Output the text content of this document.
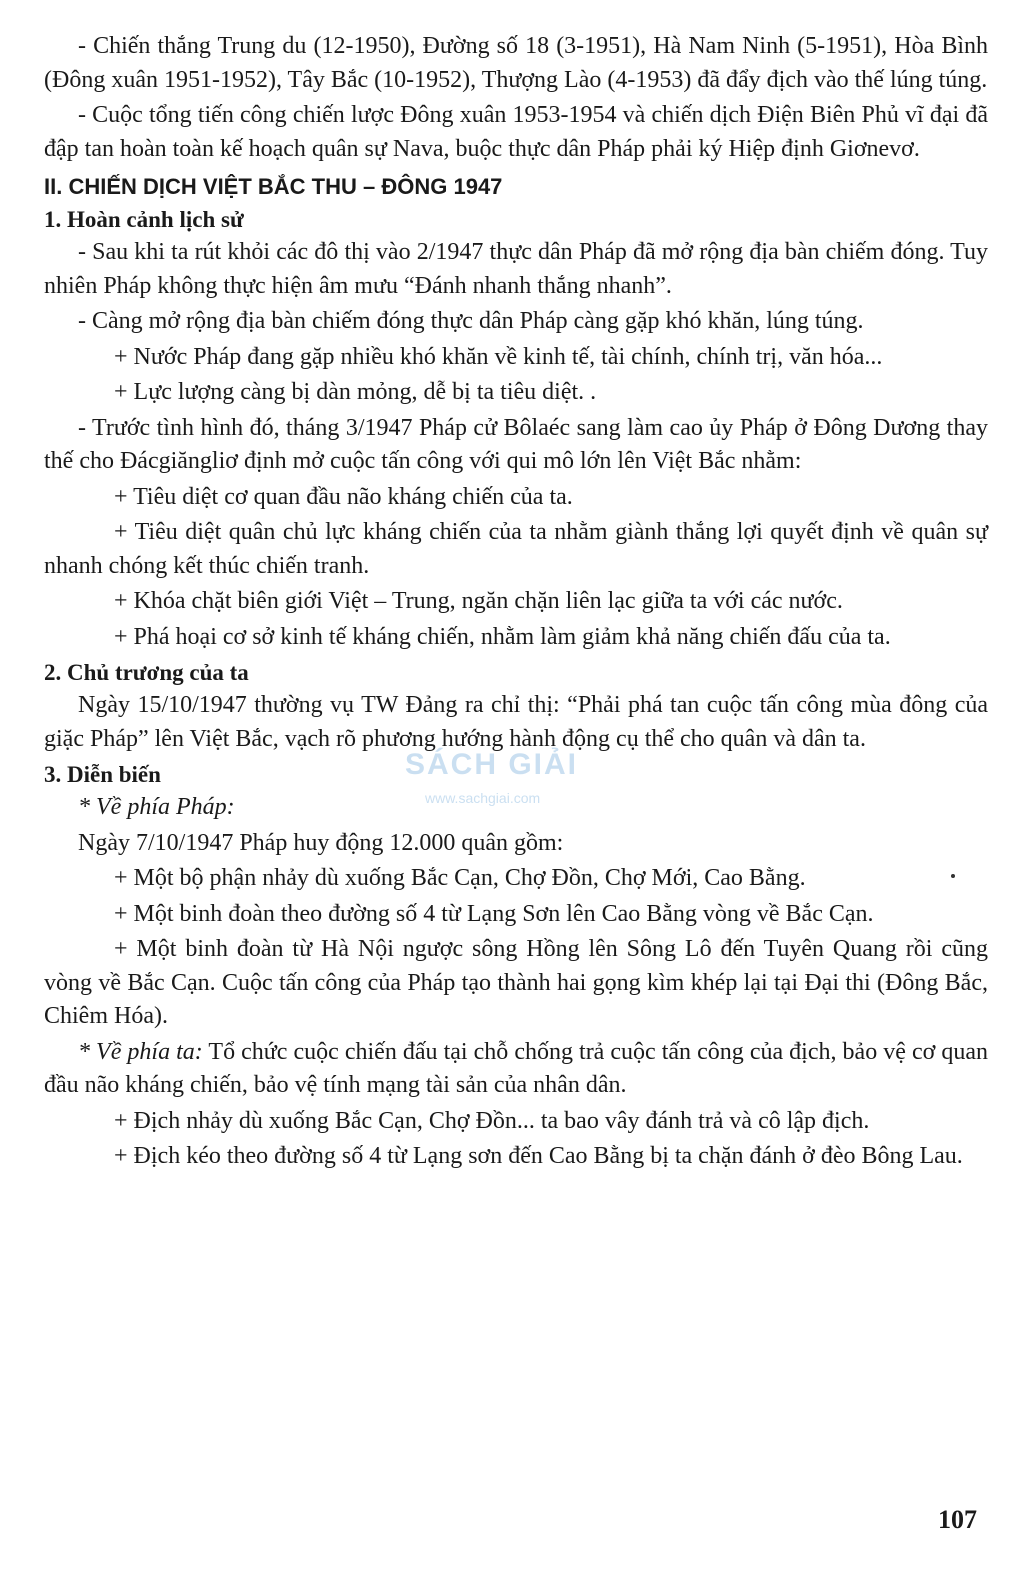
- Chiến thắng Trung du (12-1950), Đường số 18 (3-1951), Hà Nam Ninh (5-1951), Hòa Bình (Đông xuân 1951-1952), Tây Bắc (10-1952), Thượng Lào (4-1953) đã đẩy địch vào thế lúng túng.

- Cuộc tổng tiến công chiến lược Đông xuân 1953-1954 và chiến dịch Điện Biên Phủ vĩ đại đã đập tan hoàn toàn kế hoạch quân sự Nava, buộc thực dân Pháp phải ký Hiệp định Giơnevơ.

II. CHIẾN DỊCH VIỆT BẮC THU – ĐÔNG 1947
1. Hoàn cảnh lịch sử

- Sau khi ta rút khỏi các đô thị vào 2/1947 thực dân Pháp đã mở rộng địa bàn chiếm đóng. Tuy nhiên Pháp không thực hiện âm mưu “Đánh nhanh thắng nhanh”.

- Càng mở rộng địa bàn chiếm đóng thực dân Pháp càng gặp khó khăn, lúng túng.

+ Nước Pháp đang gặp nhiều khó khăn về kinh tế, tài chính, chính trị, văn hóa...

+ Lực lượng càng bị dàn mỏng, dễ bị ta tiêu diệt. .

- Trước tình hình đó, tháng 3/1947 Pháp cử Bôlaéc sang làm cao ủy Pháp ở Đông Dương thay thế cho Đácgiăngliơ định mở cuộc tấn công với qui mô lớn lên Việt Bắc nhằm:

+ Tiêu diệt cơ quan đầu não kháng chiến của ta.

+ Tiêu diệt quân chủ lực kháng chiến của ta nhằm giành thắng lợi quyết định về quân sự nhanh chóng kết thúc chiến tranh.

+ Khóa chặt biên giới Việt – Trung, ngăn chặn liên lạc giữa ta với các nước.

+ Phá hoại cơ sở kinh tế kháng chiến, nhằm làm giảm khả năng chiến đấu của ta.

2. Chủ trương của ta

Ngày 15/10/1947 thường vụ TW Đảng ra chỉ thị: “Phải phá tan cuộc tấn công mùa đông của giặc Pháp” lên Việt Bắc, vạch rõ phương hướng hành động cụ thể cho quân và dân ta.

3. Diễn biến

* Về phía Pháp:

Ngày 7/10/1947 Pháp huy động 12.000 quân gồm:

+ Một bộ phận nhảy dù xuống Bắc Cạn, Chợ Đồn, Chợ Mới, Cao Bằng.

+ Một binh đoàn theo đường số 4 từ Lạng Sơn lên Cao Bằng vòng về Bắc Cạn.

+ Một binh đoàn từ Hà Nội ngược sông Hồng lên Sông Lô đến Tuyên Quang rồi cũng vòng về Bắc Cạn. Cuộc tấn công của Pháp tạo thành hai gọng kìm khép lại tại Đại thi (Đông Bắc, Chiêm Hóa).

* Về phía ta: Tổ chức cuộc chiến đấu tại chỗ chống trả cuộc tấn công của địch, bảo vệ cơ quan đầu não kháng chiến, bảo vệ tính mạng tài sản của nhân dân.

+ Địch nhảy dù xuống Bắc Cạn, Chợ Đồn... ta bao vây đánh trả và cô lập địch.

+ Địch kéo theo đường số 4 từ Lạng sơn đến Cao Bằng bị ta chặn đánh ở đèo Bông Lau.

SÁCH GIẢI
www.sachgiai.com
107
